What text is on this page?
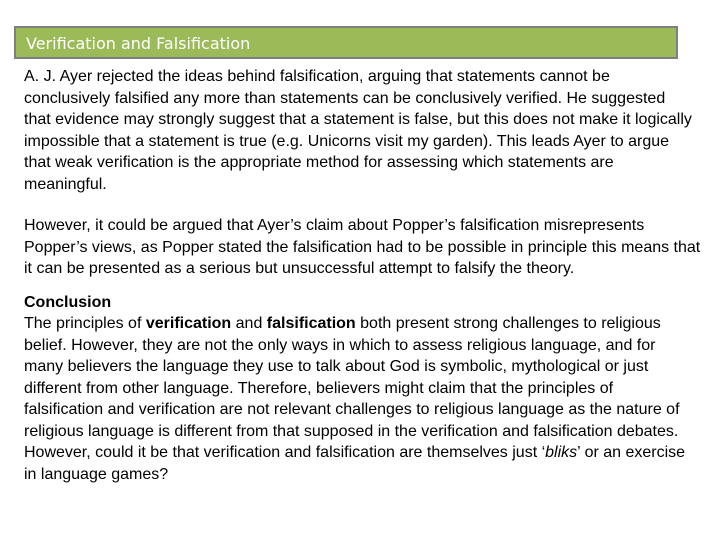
Verification and Falsification

A. J. Ayer rejected the ideas behind falsification, arguing that statements cannot be conclusively falsified any more than statements can be conclusively verified. He suggested that evidence may strongly suggest that a statement is false, but this does not make it logically impossible that a statement is true (e.g. Unicorns visit my garden). This leads Ayer to argue that weak verification is the appropriate method for assessing which statements are meaningful.

However, it could be argued that Ayer’s claim about Popper’s falsification misrepresents Popper’s views, as Popper stated the falsification had to be possible in principle this means that it can be presented as a serious but unsuccessful attempt to falsify the theory.

Conclusion
The principles of verification and falsification both present strong challenges to religious belief. However, they are not the only ways in which to assess religious language, and for many believers the language they use to talk about God is symbolic, mythological or just different from other language. Therefore, believers might claim that the principles of falsification and verification are not relevant challenges to religious language as the nature of religious language is different from that supposed in the verification and falsification debates. However, could it be that verification and falsification are themselves just ‘bliks’ or an exercise in language games?
